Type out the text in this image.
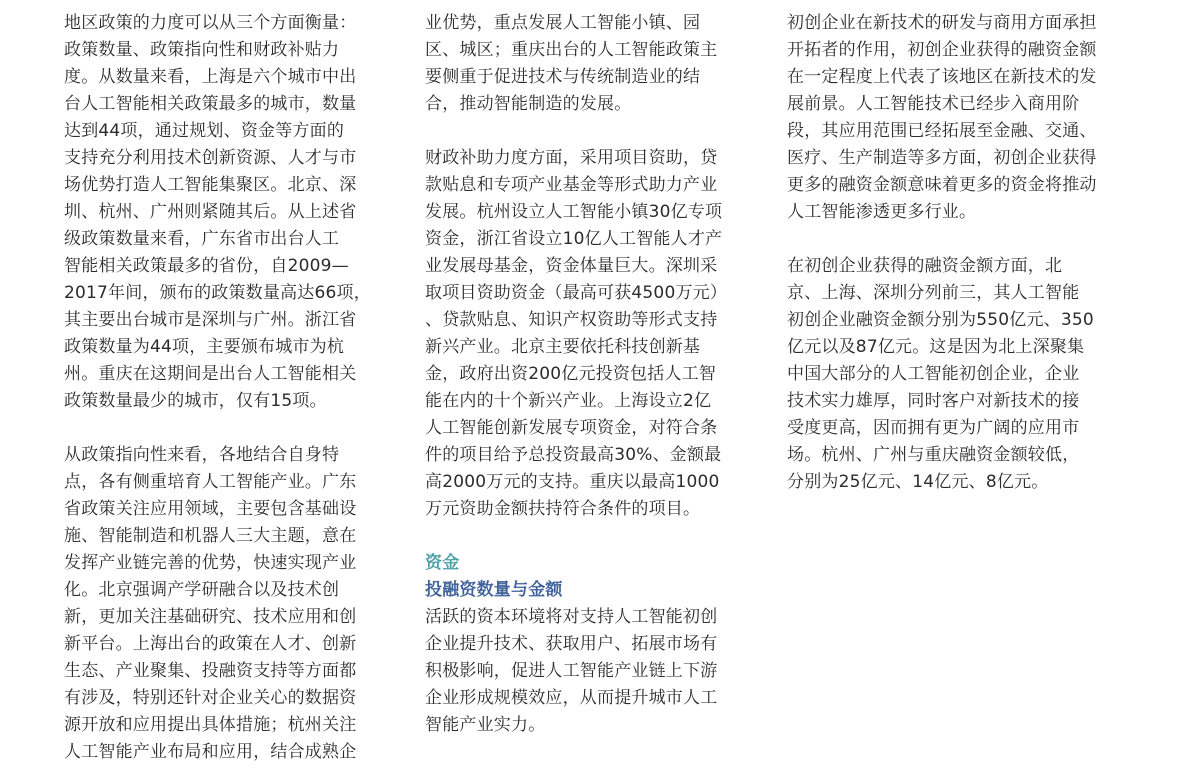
地区政策的力度可以从三个方面衡量：
政策数量、政策指向性和财政补贴力
度。从数量来看，上海是六个城市中出
台人工智能相关政策最多的城市，数量
达到44项，通过规划、资金等方面的
支持充分利用技术创新资源、人才与市
场优势打造人工智能集聚区。北京、深
圳、杭州、广州则紧随其后。从上述省
级政策数量来看，广东省市出台人工
智能相关政策最多的省份，自2009—
2017年间，颁布的政策数量高达66项，
其主要出台城市是深圳与广州。浙江省
政策数量为44项，主要颁布城市为杭
州。重庆在这期间是出台人工智能相关
政策数量最少的城市，仅有15项。
从政策指向性来看，各地结合自身特
点，各有侧重培育人工智能产业。广东
省政策关注应用领域，主要包含基础设
施、智能制造和机器人三大主题，意在
发挥产业链完善的优势，快速实现产业
化。北京强调产学研融合以及技术创
新，更加关注基础研究、技术应用和创
新平台。上海出台的政策在人才、创新
生态、产业聚集、投融资支持等方面都
有涉及，特别还针对企业关心的数据资
源开放和应用提出具体措施；杭州关注
人工智能产业布局和应用，结合成熟企
业优势，重点发展人工智能小镇、园
区、城区；重庆出台的人工智能政策主
要侧重于促进技术与传统制造业的结
合，推动智能制造的发展。
财政补助力度方面，采用项目资助，贷
款贴息和专项产业基金等形式助力产业
发展。杭州设立人工智能小镇30亿专项
资金，浙江省设立10亿人工智能人才产
业发展母基金，资金体量巨大。深圳采
取项目资助资金（最高可获4500万元）
、贷款贴息、知识产权资助等形式支持
新兴产业。北京主要依托科技创新基
金，政府出资200亿元投资包括人工智
能在内的十个新兴产业。上海设立2亿
人工智能创新发展专项资金，对符合条
件的项目给予总投资最高30%、金额最
高2000万元的支持。重庆以最高1000
万元资助金额扶持符合条件的项目。
资金
投融资数量与金额
活跃的资本环境将对支持人工智能初创
企业提升技术、获取用户、拓展市场有
积极影响，促进人工智能产业链上下游
企业形成规模效应，从而提升城市人工
智能产业实力。
初创企业在新技术的研发与商用方面承担
开拓者的作用，初创企业获得的融资金额
在一定程度上代表了该地区在新技术的发
展前景。人工智能技术已经步入商用阶
段，其应用范围已经拓展至金融、交通、
医疗、生产制造等多方面，初创企业获得
更多的融资金额意味着更多的资金将推动
人工智能渗透更多行业。
在初创企业获得的融资金额方面，北
京、上海、深圳分列前三，其人工智能
初创企业融资金额分别为550亿元、350
亿元以及87亿元。这是因为北上深聚集
中国大部分的人工智能初创企业，企业
技术实力雄厚，同时客户对新技术的接
受度更高，因而拥有更为广阔的应用市
场。杭州、广州与重庆融资金额较低，
分别为25亿元、14亿元、8亿元。
